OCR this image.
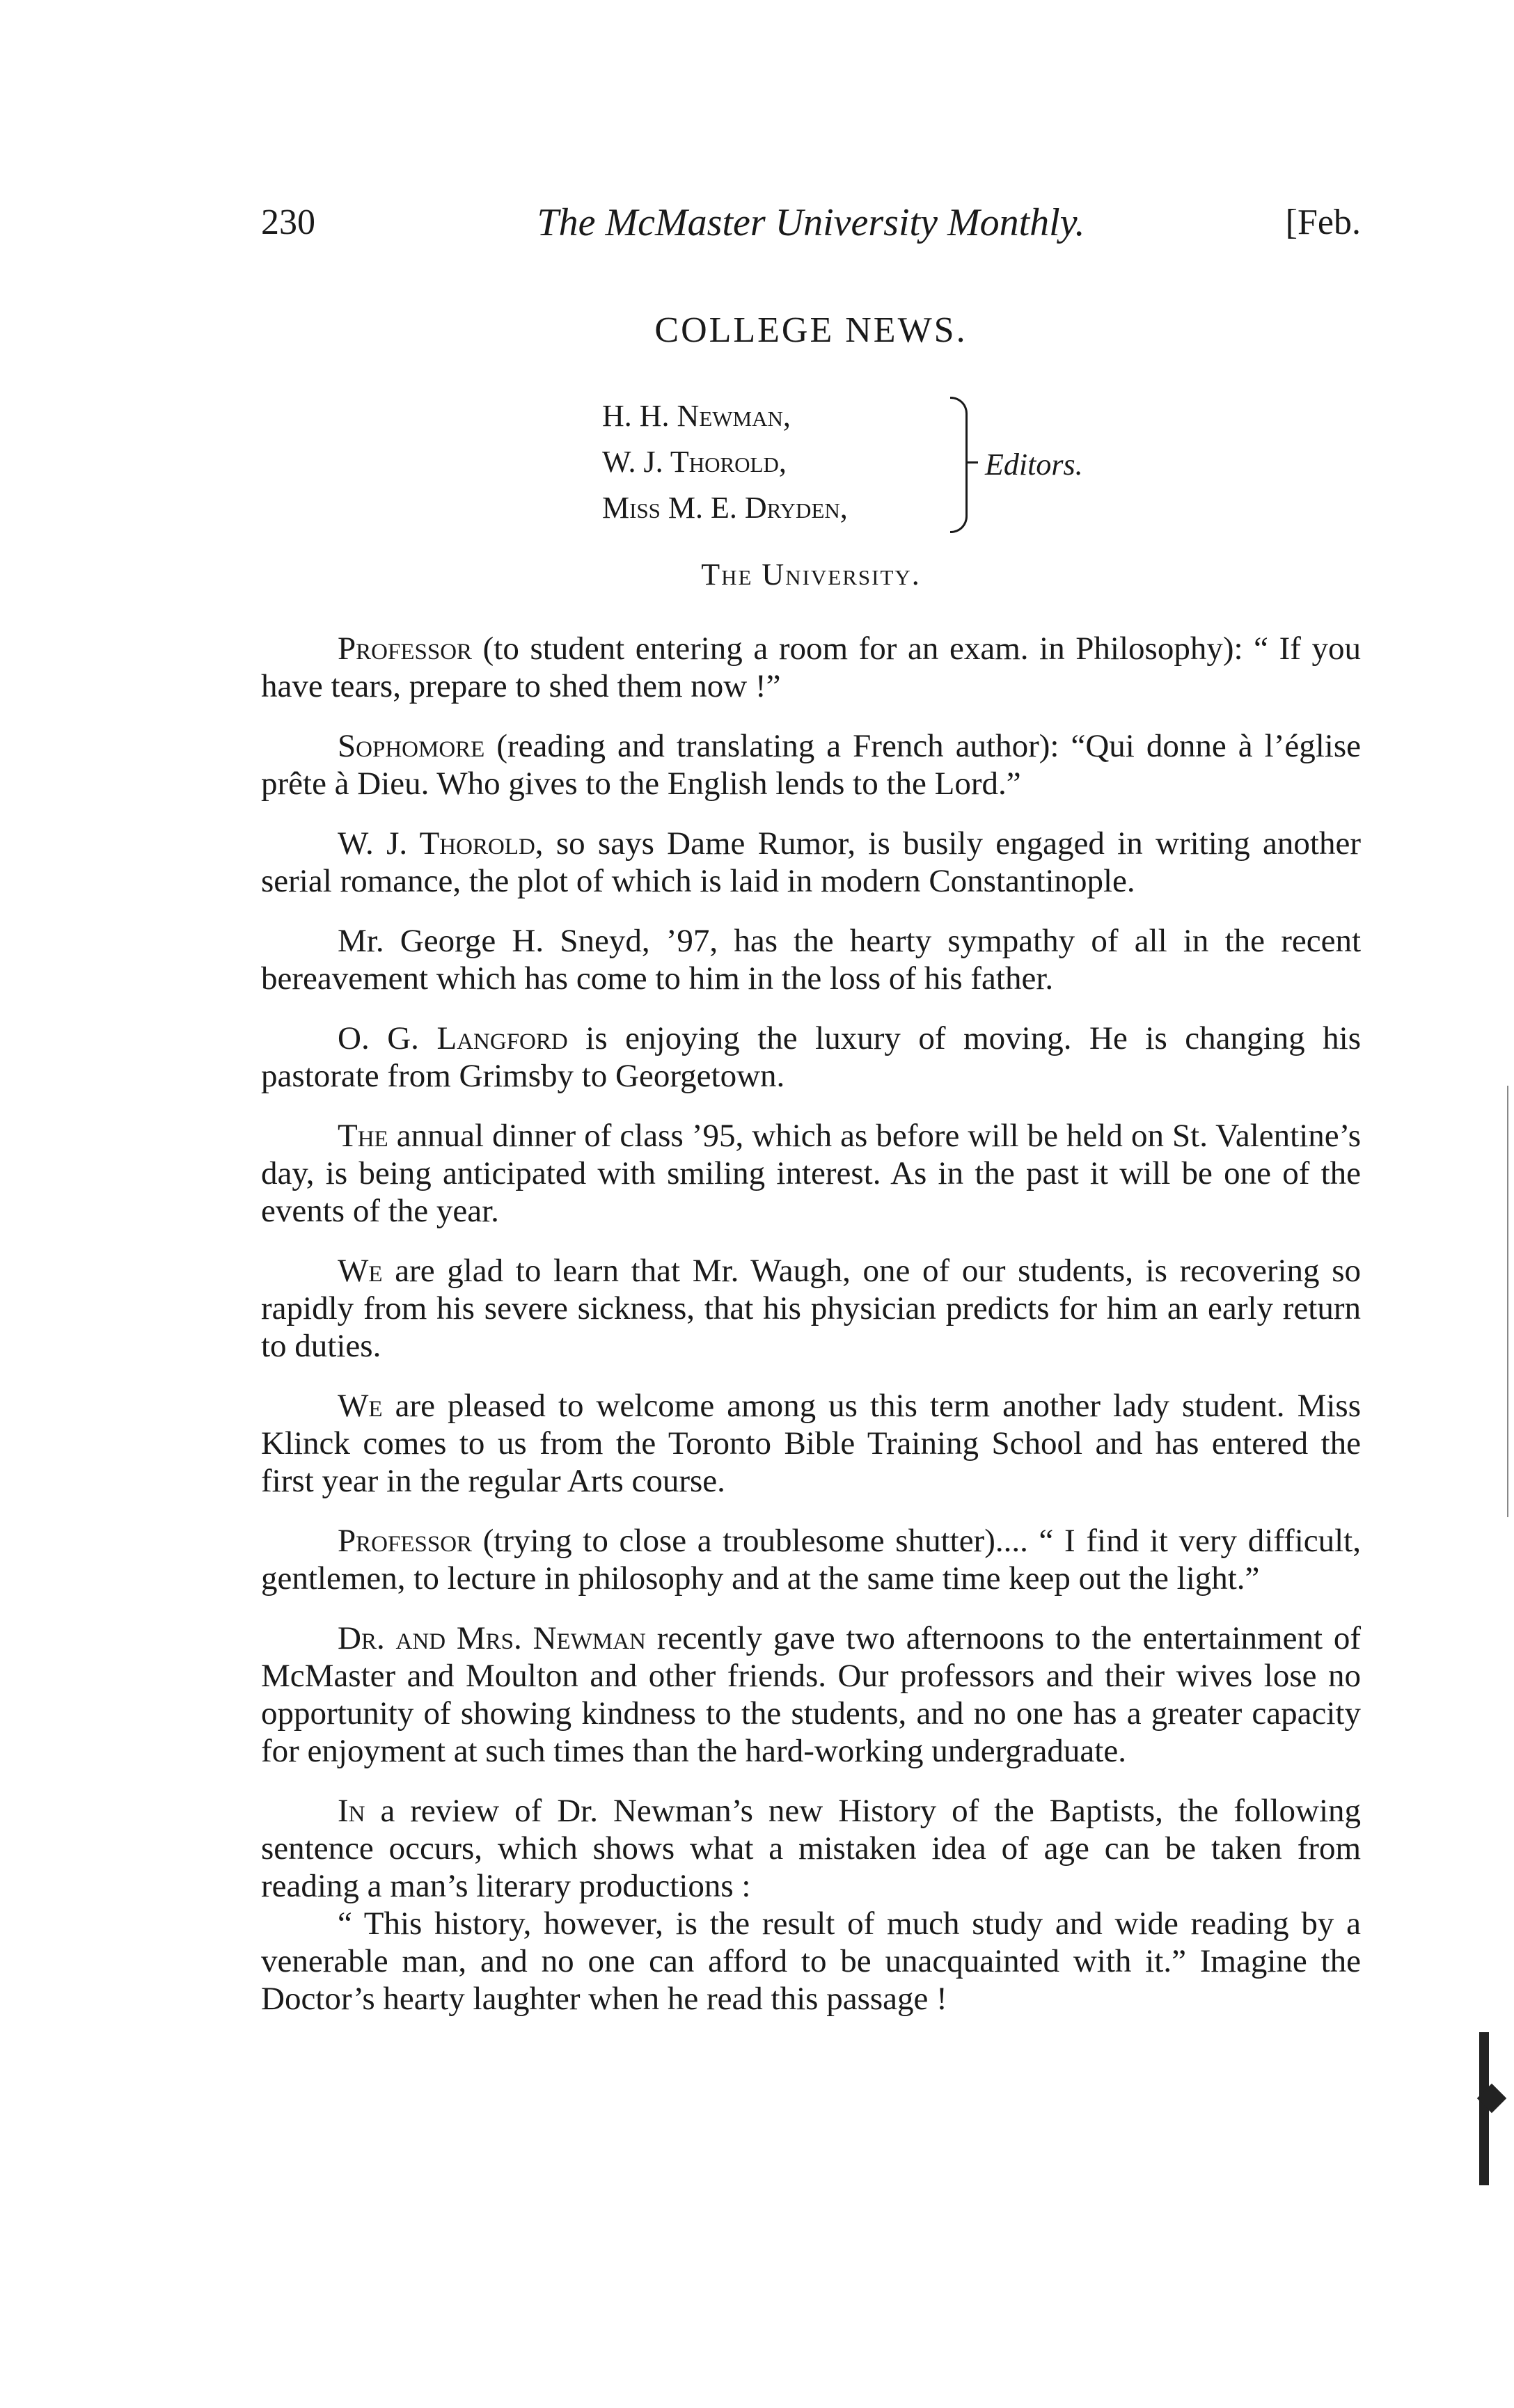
230	The McMaster University Monthly.	[Feb.
COLLEGE NEWS.
H. H. Newman,
W. J. Thorold,
Miss M. E. Dryden,
Editors.
The University.

Professor (to student entering a room for an exam. in Philosophy): “ If you have tears, prepare to shed them now !”

Sophomore (reading and translating a French author): “Qui donne à l’église prête à Dieu. Who gives to the English lends to the Lord.”

W. J. Thorold, so says Dame Rumor, is busily engaged in writing another serial romance, the plot of which is laid in modern Constantinople.

Mr. George H. Sneyd, ’97, has the hearty sympathy of all in the recent bereavement which has come to him in the loss of his father.

O. G. Langford is enjoying the luxury of moving. He is changing his pastorate from Grimsby to Georgetown.

The annual dinner of class ’95, which as before will be held on St. Valentine’s day, is being anticipated with smiling interest. As in the past it will be one of the events of the year.

We are glad to learn that Mr. Waugh, one of our students, is recovering so rapidly from his severe sickness, that his physician predicts for him an early return to duties.

We are pleased to welcome among us this term another lady student. Miss Klinck comes to us from the Toronto Bible Training School and has entered the first year in the regular Arts course.

Professor (trying to close a troublesome shutter).... “ I find it very difficult, gentlemen, to lecture in philosophy and at the same time keep out the light.”

Dr. and Mrs. Newman recently gave two afternoons to the entertainment of McMaster and Moulton and other friends. Our professors and their wives lose no opportunity of showing kindness to the students, and no one has a greater capacity for enjoyment at such times than the hard-working undergraduate.

In a review of Dr. Newman’s new History of the Baptists, the following sentence occurs, which shows what a mistaken idea of age can be taken from reading a man’s literary productions :

“ This history, however, is the result of much study and wide reading by a venerable man, and no one can afford to be unacquainted with it.” Imagine the Doctor’s hearty laughter when he read this passage !
